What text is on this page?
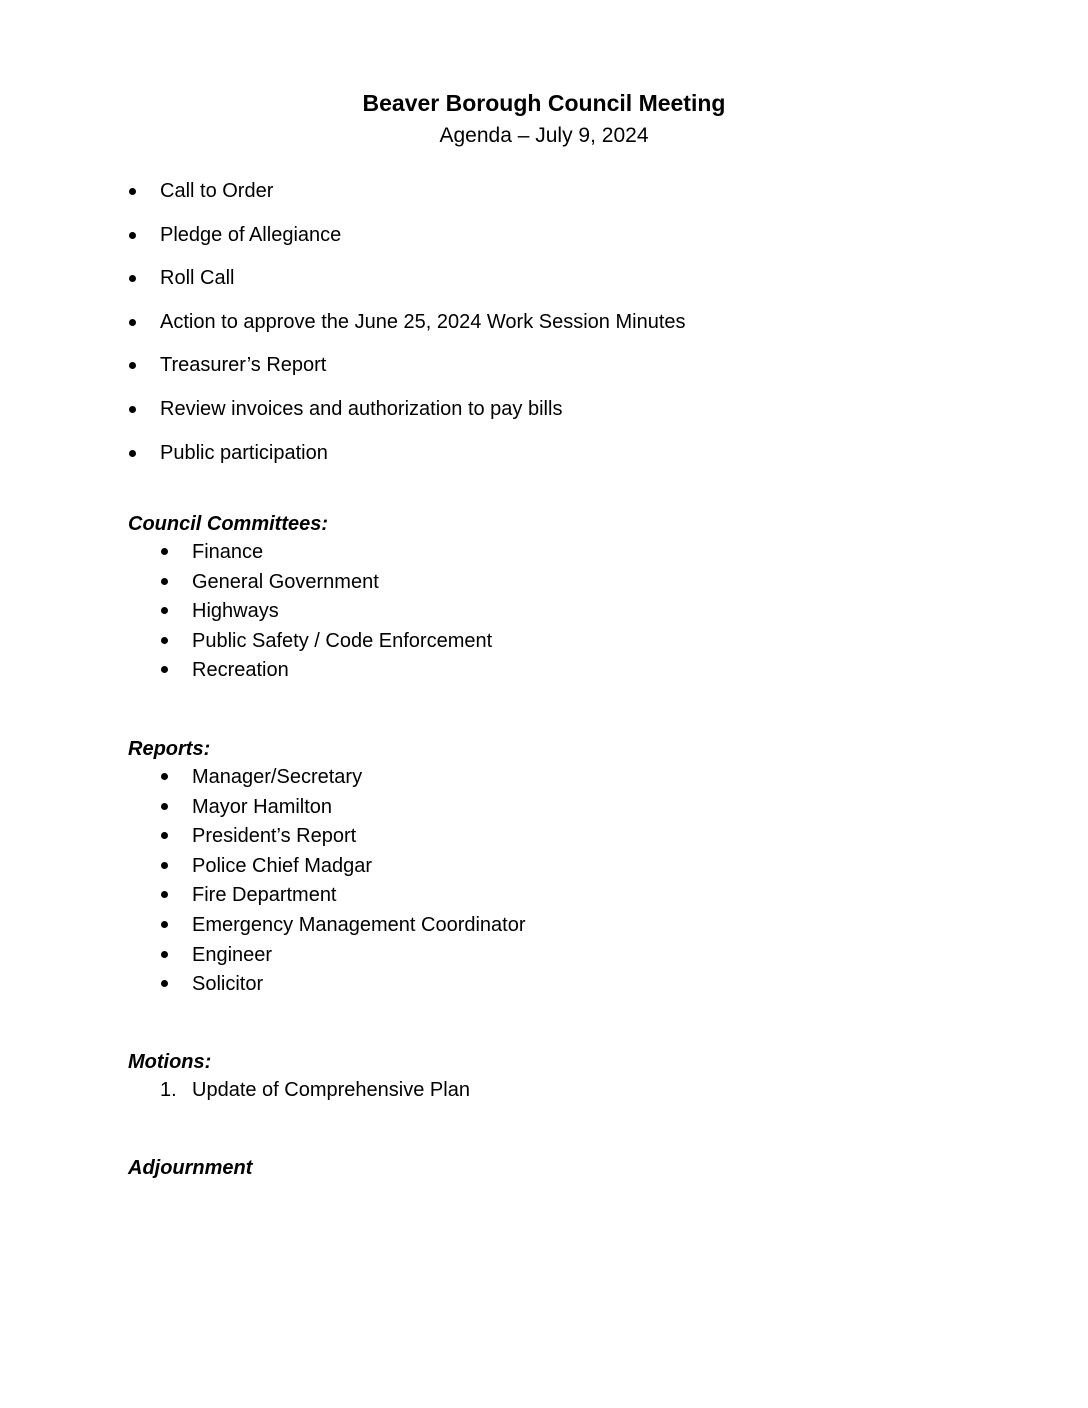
Beaver Borough Council Meeting
Agenda – July 9, 2024
Call to Order
Pledge of Allegiance
Roll Call
Action to approve the June 25, 2024 Work Session Minutes
Treasurer’s Report
Review invoices and authorization to pay bills
Public participation
Council Committees:
Finance
General Government
Highways
Public Safety / Code Enforcement
Recreation
Reports:
Manager/Secretary
Mayor Hamilton
President’s Report
Police Chief Madgar
Fire Department
Emergency Management Coordinator
Engineer
Solicitor
Motions:
1. Update of Comprehensive Plan
Adjournment
